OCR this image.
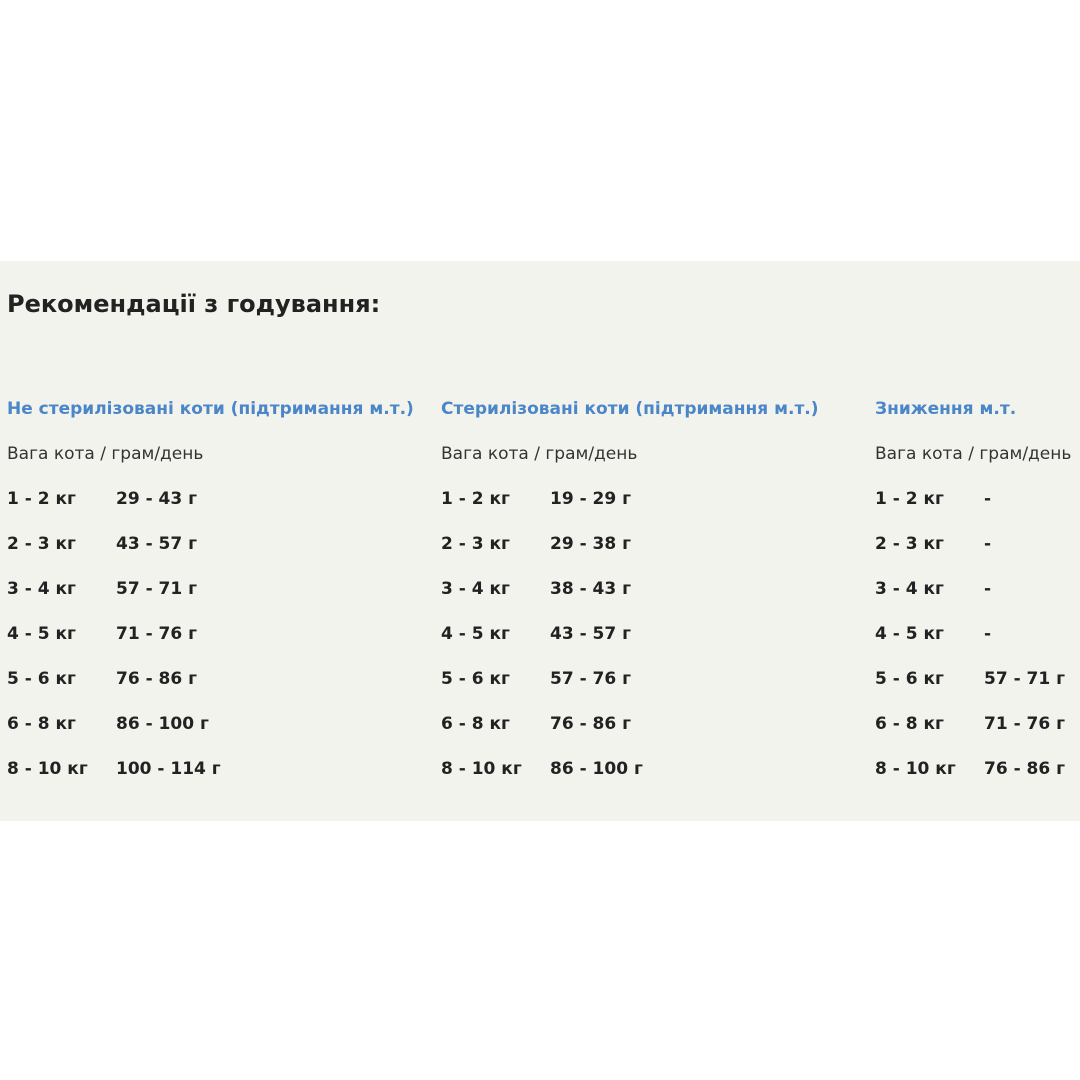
Рекомендації з годування:
Не стерилізовані коти (підтримання м.т.)
Вага кота / грам/день
1 - 2 кг 29 - 43 г
2 - 3 кг 43 - 57 г
3 - 4 кг 57 - 71 г
4 - 5 кг 71 - 76 г
5 - 6 кг 76 - 86 г
6 - 8 кг 86 - 100 г
8 - 10 кг 100 - 114 г
Стерилізовані коти (підтримання м.т.)
Вага кота / грам/день
1 - 2 кг 19 - 29 г
2 - 3 кг 29 - 38 г
3 - 4 кг 38 - 43 г
4 - 5 кг 43 - 57 г
5 - 6 кг 57 - 76 г
6 - 8 кг 76 - 86 г
8 - 10 кг 86 - 100 г
Зниження м.т.
Вага кота / грам/день
1 - 2 кг -
2 - 3 кг -
3 - 4 кг -
4 - 5 кг -
5 - 6 кг 57 - 71 г
6 - 8 кг 71 - 76 г
8 - 10 кг 76 - 86 г
